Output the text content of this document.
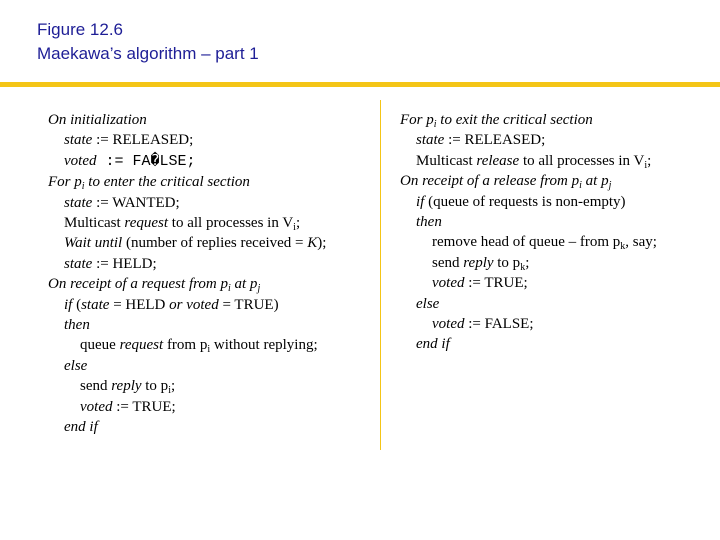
Figure 12.6
Maekawa’s algorithm – part 1
On initialization
state := RELEASED;
voted := FA�LSE;
For $p_i$ to enter the critical section
state := WANTED;
Multicast request to all processes in $V_i$;
Wait until (number of replies received = K);
state := HELD;
On receipt of a request from $p_i$ at $p_j$
if (state = HELD or voted = TRUE)
then
queue request from $p_i$ without replying;
else
send reply to $p_i$;
voted := TRUE;
end if
For $p_i$ to exit the critical section
state := RELEASED;
Multicast release to all processes in $V_i$;
On receipt of a release from $p_i$ at $p_j$
if (queue of requests is non-empty)
then
remove head of queue – from $p_k$, say;
send reply to $p_k$;
voted := TRUE;
else
voted := FALSE;
end if
